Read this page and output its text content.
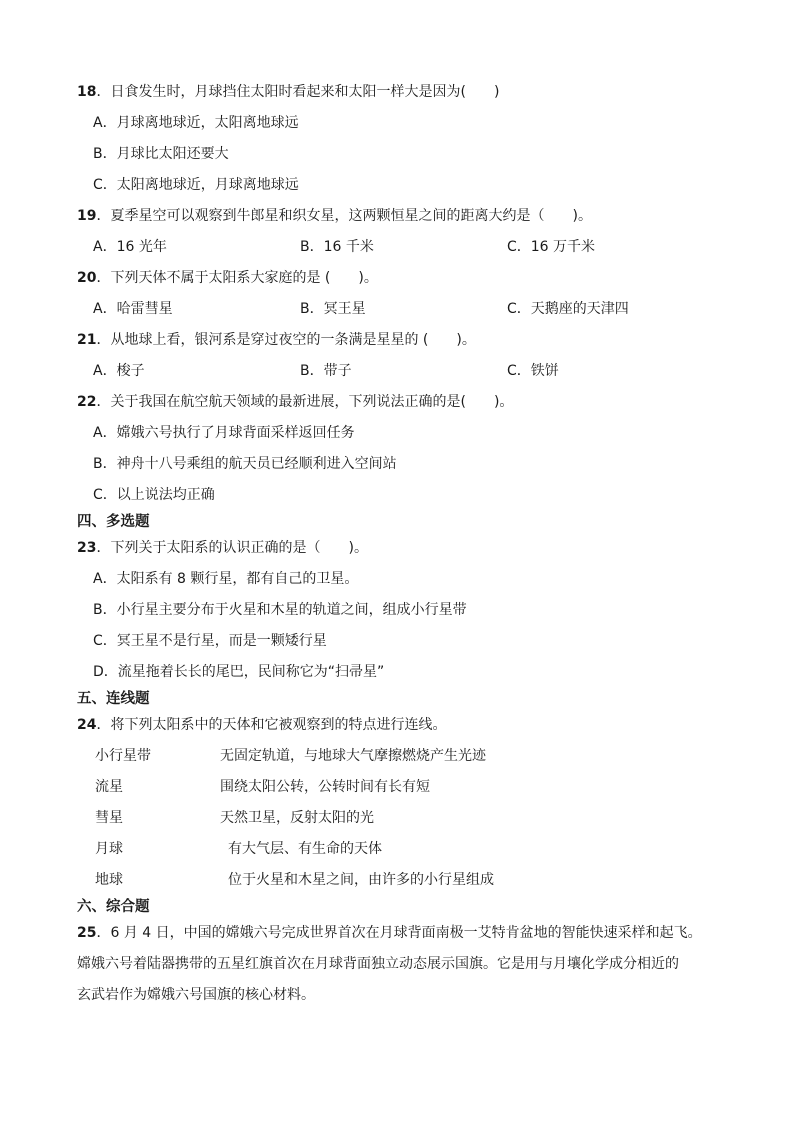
18．日食发生时，月球挡住太阳时看起来和太阳一样大是因为(　　)
A．月球离地球近，太阳离地球远
B．月球比太阳还要大
C．太阳离地球近，月球离地球远
19．夏季星空可以观察到牛郎星和织女星，这两颗恒星之间的距离大约是（　　)。
A．16 光年	B．16 千米	C．16 万千米
20．下列天体不属于太阳系大家庭的是 (　　)。
A．哈雷彗星	B．冥王星	C．天鹅座的天津四
21．从地球上看，银河系是穿过夜空的一条满是星星的 (　　)。
A．梭子	B．带子	C．铁饼
22．关于我国在航空航天领域的最新进展，下列说法正确的是(　　)。
A．嫦娥六号执行了月球背面采样返回任务
B．神舟十八号乘组的航天员已经顺利进入空间站
C．以上说法均正确
四、多选题
23．下列关于太阳系的认识正确的是（　　)。
A．太阳系有 8 颗行星，都有自己的卫星。
B．小行星主要分布于火星和木星的轨道之间，组成小行星带
C．冥王星不是行星，而是一颗矮行星
D．流星拖着长长的尾巴，民间称它为“扫帚星”
五、连线题
24．将下列太阳系中的天体和它被观察到的特点进行连线。
小行星带	无固定轨道，与地球大气摩擦燃烧产生光迹
流星	围绕太阳公转，公转时间有长有短
彗星	天然卫星，反射太阳的光
月球	有大气层、有生命的天体
地球	位于火星和木星之间，由许多的小行星组成
六、综合题
25．6 月 4 日，中国的嫦娥六号完成世界首次在月球背面南极一艾特肯盆地的智能快速采样和起飞。
嫦娥六号着陆器携带的五星红旗首次在月球背面独立动态展示国旗。它是用与月壤化学成分相近的
玄武岩作为嫦娥六号国旗的核心材料。
